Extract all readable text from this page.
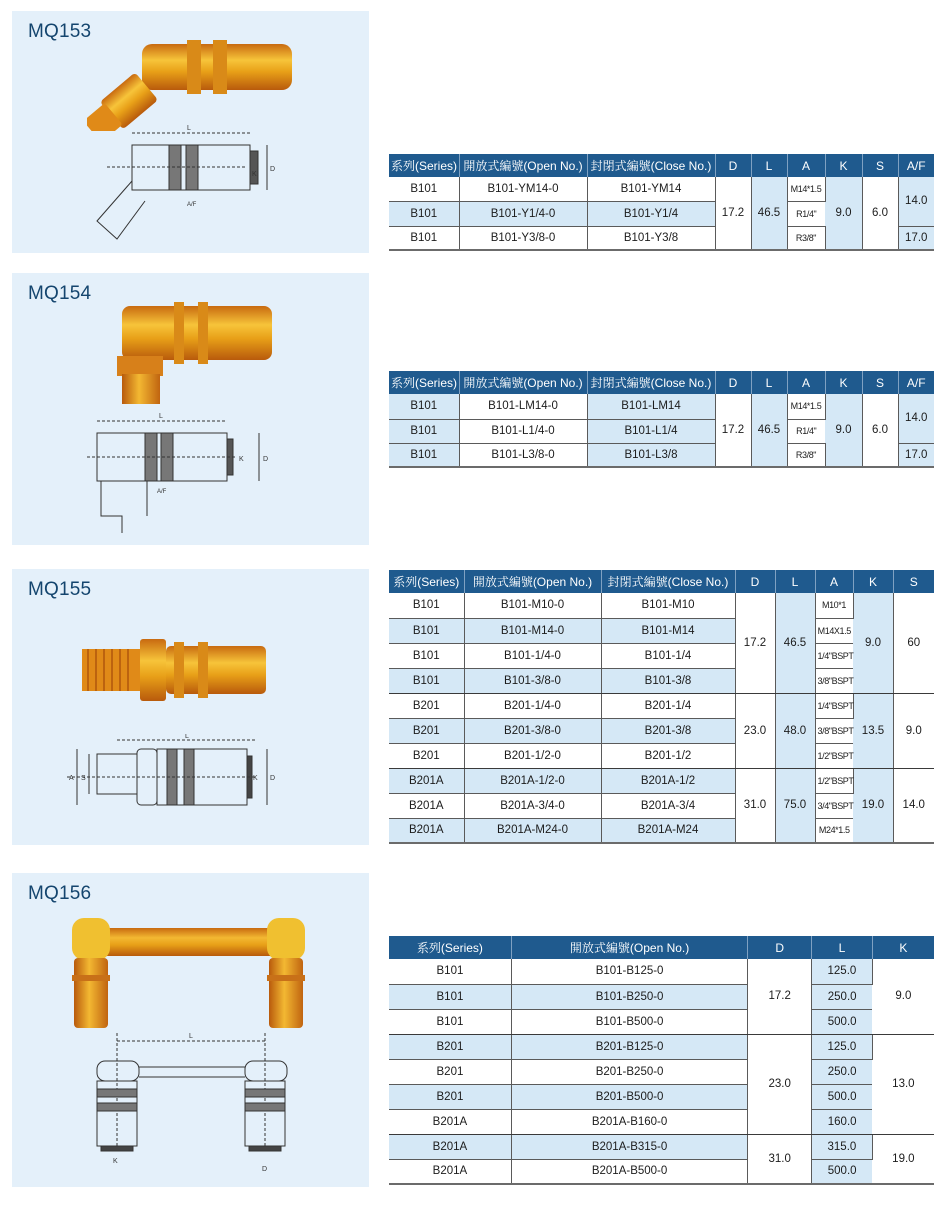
MQ153
L
K
D
A/F
系列(Series)	開放式編號(Open No.)	封閉式編號(Close No.)	D	L	A	K	S	A/F
B101	B101-YM14-0	B101-YM14	17.2	46.5	M14*1.5	9.0	6.0	14.0
B101	B101-Y1/4-0	B101-Y1/4			R1/4"			
B101	B101-Y3/8-0	B101-Y3/8			R3/8"			17.0
MQ154
L
K	D
A/F
系列(Series)	開放式編號(Open No.)	封閉式編號(Close No.)	D	L	A	K	S	A/F
B101	B101-LM14-0	B101-LM14	17.2	46.5	M14*1.5	9.0	6.0	14.0
B101	B101-L1/4-0	B101-L1/4			R1/4"			
B101	B101-L3/8-0	B101-L3/8			R3/8"			17.0
MQ155
L
A S	K D
系列(Series)	開放式編號(Open No.)	封閉式編號(Close No.)	D	L	A	K	S
B101	B101-M10-0	B101-M10	17.2	46.5	M10*1	9.0	60
B101	B101-M14-0	B101-M14			M14X1.5		
B101	B101-1/4-0	B101-1/4			1/4"BSPT		
B101	B101-3/8-0	B101-3/8			3/8"BSPT		
B201	B201-1/4-0	B201-1/4	23.0	48.0	1/4"BSPT	13.5	9.0
B201	B201-3/8-0	B201-3/8			3/8"BSPT		
B201	B201-1/2-0	B201-1/2			1/2"BSPT		
B201A	B201A-1/2-0	B201A-1/2	31.0	75.0	1/2"BSPT	19.0	14.0
B201A	B201A-3/4-0	B201A-3/4			3/4"BSPT		
B201A	B201A-M24-0	B201A-M24			M24*1.5		
MQ156
L
K
D
系列(Series)	開放式編號(Open No.)	D	L	K
B101	B101-B125-0	17.2	125.0	9.0
B101	B101-B250-0		250.0	
B101	B101-B500-0		500.0	
B201	B201-B125-0	23.0	125.0	13.0
B201	B201-B250-0		250.0	
B201	B201-B500-0		500.0	
B201A	B201A-B160-0		160.0	
B201A	B201A-B315-0	31.0	315.0	19.0
B201A	B201A-B500-0		500.0	
